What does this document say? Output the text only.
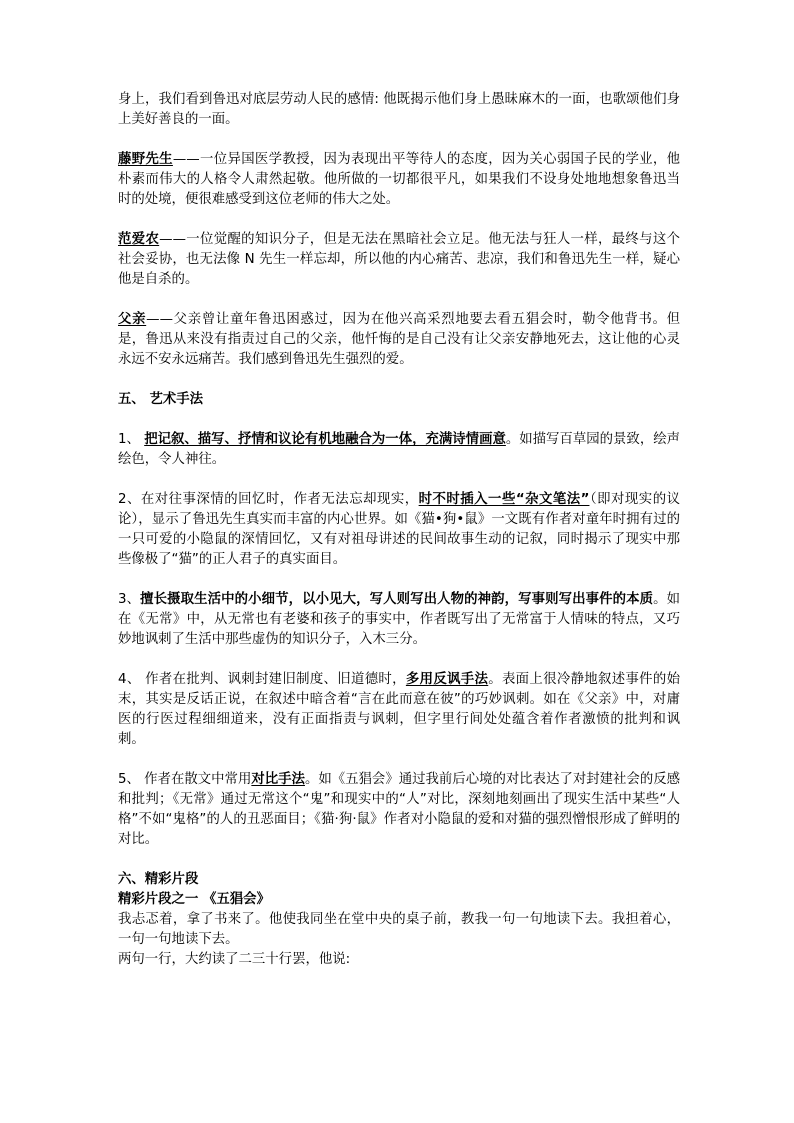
身上，我们看到鲁迅对底层劳动人民的感情: 他既揭示他们身上愚昧麻木的一面，也歌颂他们身上美好善良的一面。

藤野先生——一位异国医学教授，因为表现出平等待人的态度，因为关心弱国子民的学业，他朴素而伟大的人格令人肃然起敬。他所做的一切都很平凡，如果我们不设身处地地想象鲁迅当时的处境，便很难感受到这位老师的伟大之处。

范爱农——一位觉醒的知识分子，但是无法在黑暗社会立足。他无法与狂人一样，最终与这个社会妥协，也无法像 N 先生一样忘却，所以他的内心痛苦、悲凉，我们和鲁迅先生一样，疑心他是自杀的。

父亲——父亲曾让童年鲁迅困惑过，因为在他兴高采烈地要去看五猖会时，勒令他背书。但是，鲁迅从来没有指责过自己的父亲，他忏悔的是自己没有让父亲安静地死去，这让他的心灵永远不安永远痛苦。我们感到鲁迅先生强烈的爱。

五、 艺术手法

1、 把记叙、描写、抒情和议论有机地融合为一体，充满诗情画意。如描写百草园的景致，绘声绘色，令人神往。

2、在对往事深情的回忆时，作者无法忘却现实，时不时插入一些“杂文笔法”（即对现实的议论），显示了鲁迅先生真实而丰富的内心世界。如《猫•狗•鼠》一文既有作者对童年时拥有过的一只可爱的小隐鼠的深情回忆，又有对祖母讲述的民间故事生动的记叙，同时揭示了现实中那些像极了“猫”的正人君子的真实面目。

3、擅长摄取生活中的小细节，以小见大，写人则写出人物的神韵，写事则写出事件的本质。如在《无常》中，从无常也有老婆和孩子的事实中，作者既写出了无常富于人情味的特点，又巧妙地讽刺了生活中那些虚伪的知识分子，入木三分。

4、 作者在批判、讽刺封建旧制度、旧道德时，多用反讽手法。表面上很冷静地叙述事件的始末，其实是反话正说，在叙述中暗含着“言在此而意在彼”的巧妙讽刺。如在《父亲》中，对庸医的行医过程细细道来，没有正面指责与讽刺，但字里行间处处蕴含着作者激愤的批判和讽刺。

5、 作者在散文中常用对比手法。如《五猖会》通过我前后心境的对比表达了对封建社会的反感和批判；《无常》通过无常这个“鬼”和现实中的“人”对比，深刻地刻画出了现实生活中某些“人格”不如“鬼格”的人的丑恶面目；《猫·狗·鼠》作者对小隐鼠的爱和对猫的强烈憎恨形成了鲜明的对比。

六、精彩片段

精彩片段之一 《五猖会》

我忐忑着，拿了书来了。他使我同坐在堂中央的桌子前，教我一句一句地读下去。我担着心，一句一句地读下去。

两句一行，大约读了二三十行罢，他说:
